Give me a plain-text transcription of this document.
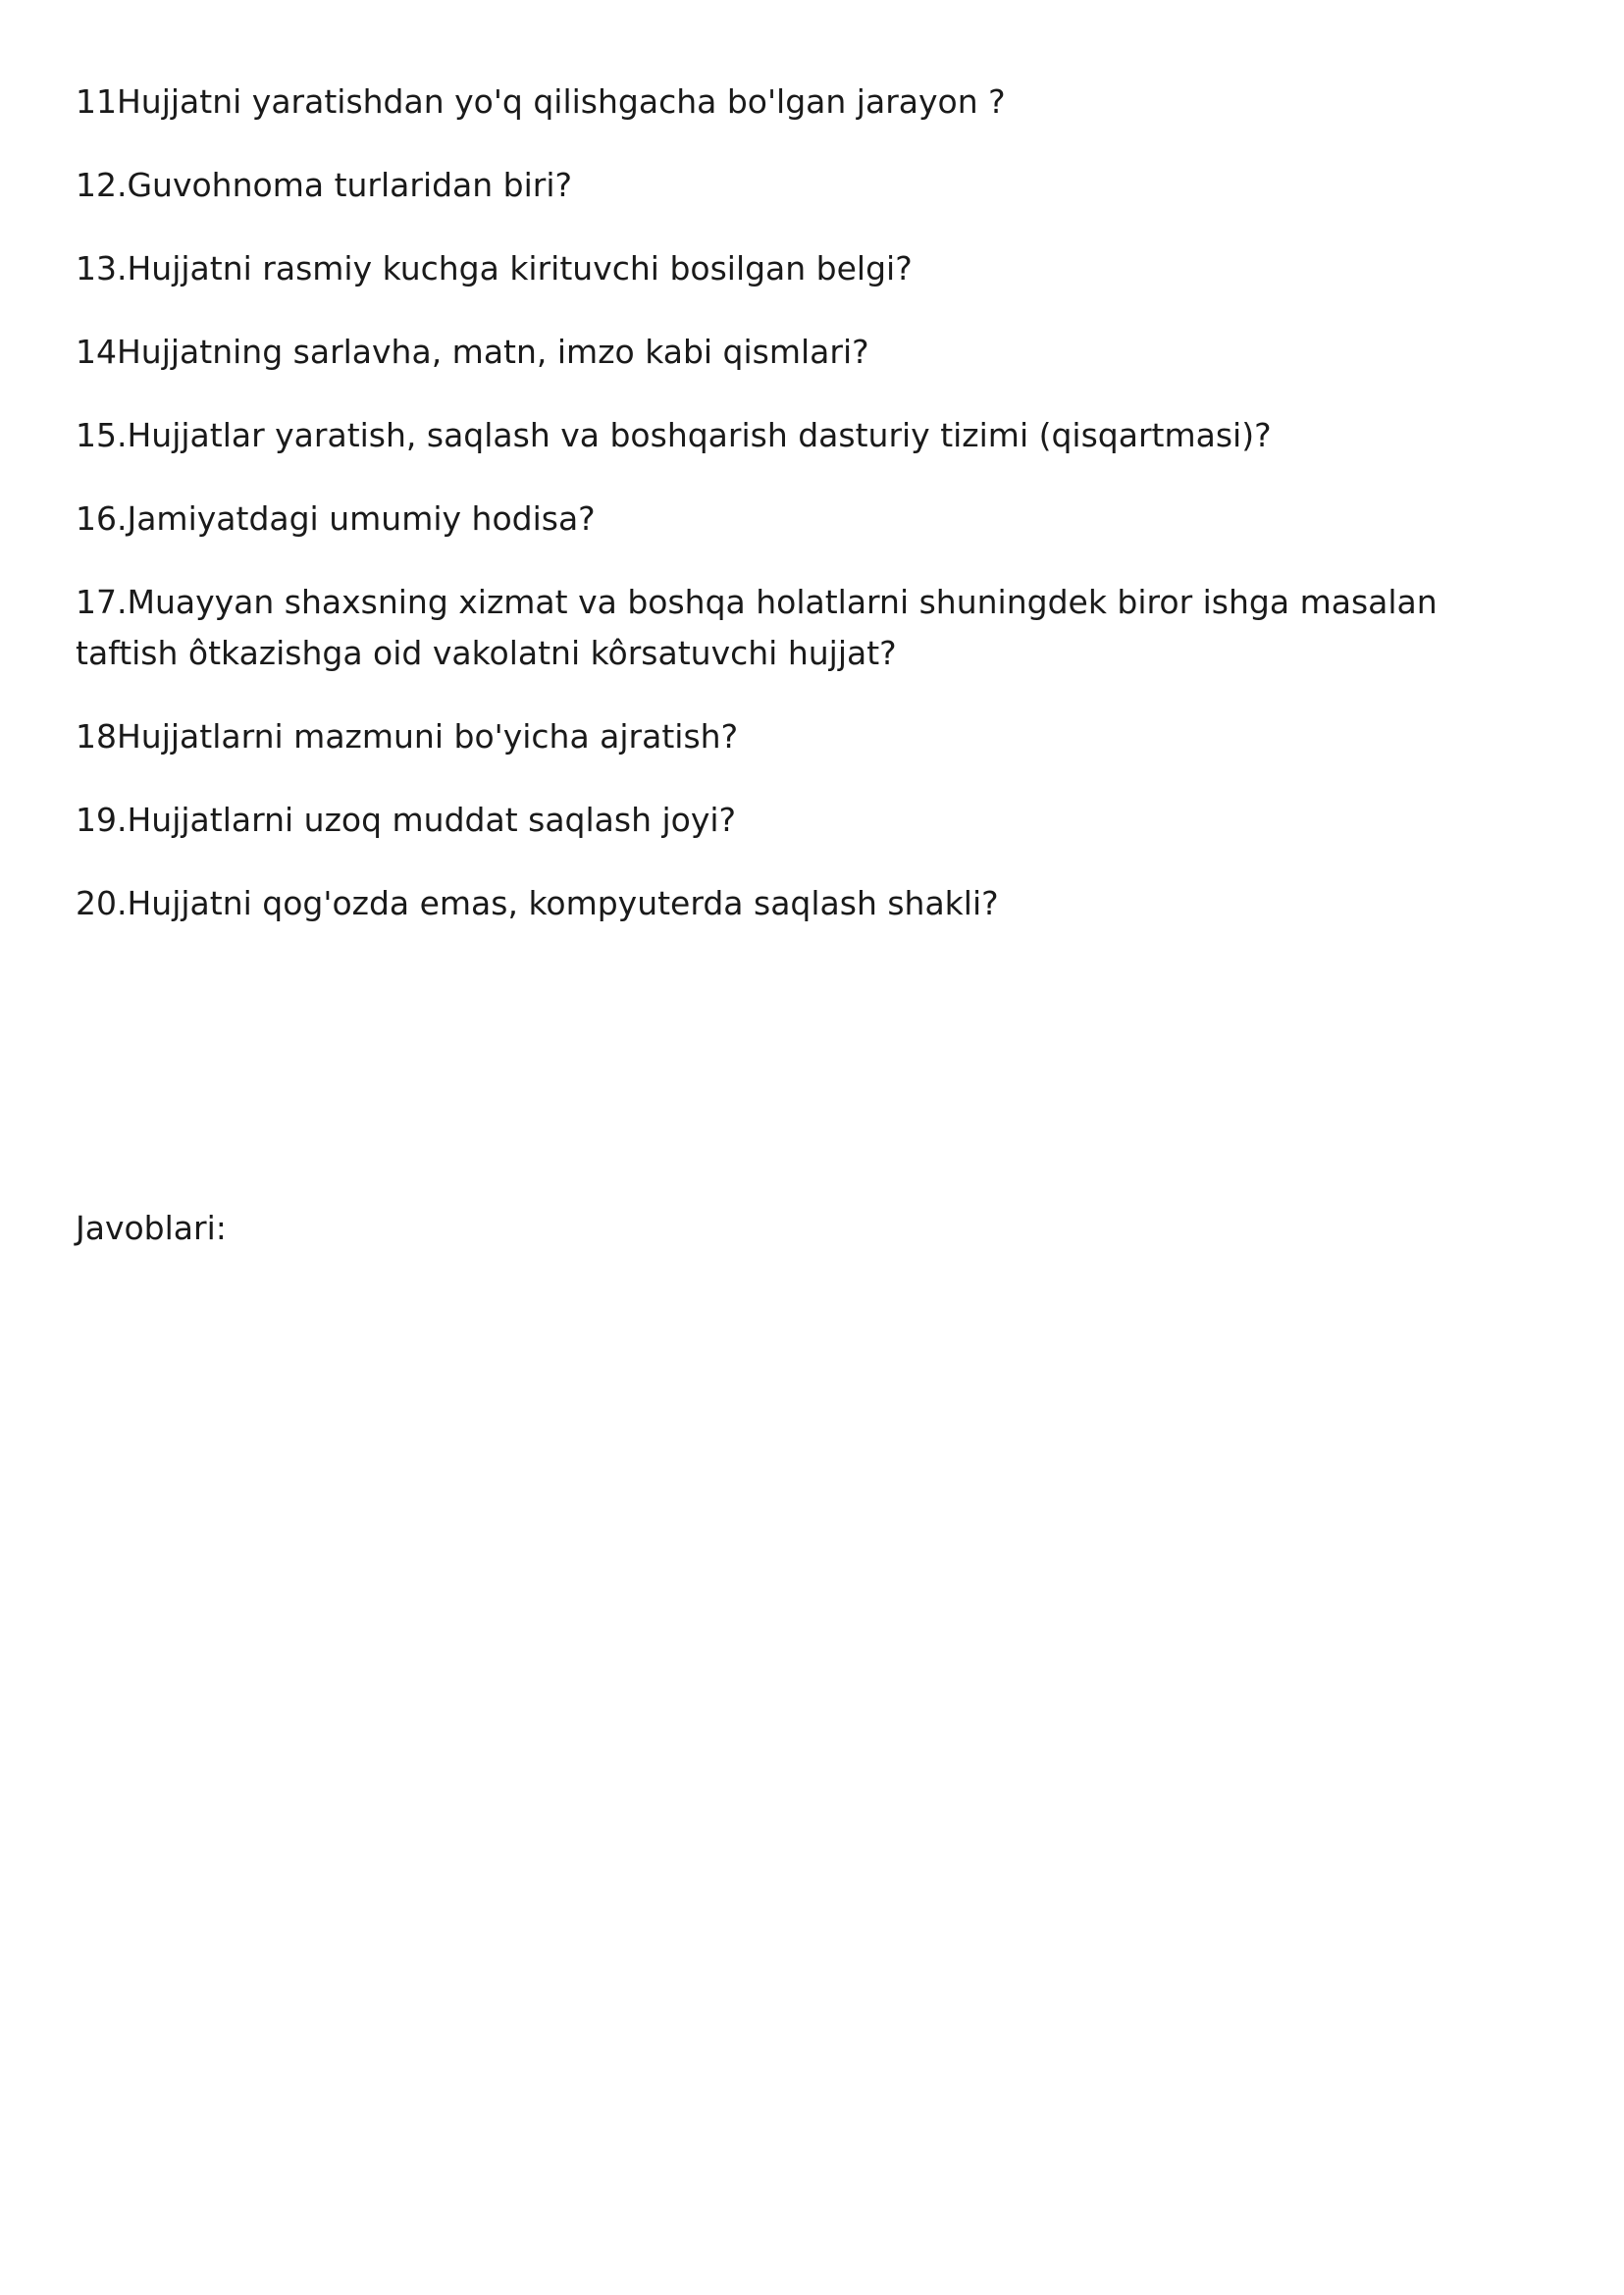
11Hujjatni yaratishdan yo'q qilishgacha bo'lgan jarayon ?
12.Guvohnoma turlaridan biri?
13.Hujjatni rasmiy kuchga kirituvchi bosilgan belgi?
14Hujjatning sarlavha, matn, imzo kabi qismlari?
15.Hujjatlar yaratish, saqlash va boshqarish dasturiy tizimi (qisqartmasi)?
16.Jamiyatdagi umumiy hodisa?
17.Muayyan shaxsning xizmat va boshqa holatlarni shuningdek biror ishga masalan taftish ôtkazishga oid vakolatni kôrsatuvchi hujjat?
18Hujjatlarni mazmuni bo'yicha ajratish?
19.Hujjatlarni uzoq muddat saqlash joyi?
20.Hujjatni qog'ozda emas, kompyuterda saqlash shakli?

Javoblari:
